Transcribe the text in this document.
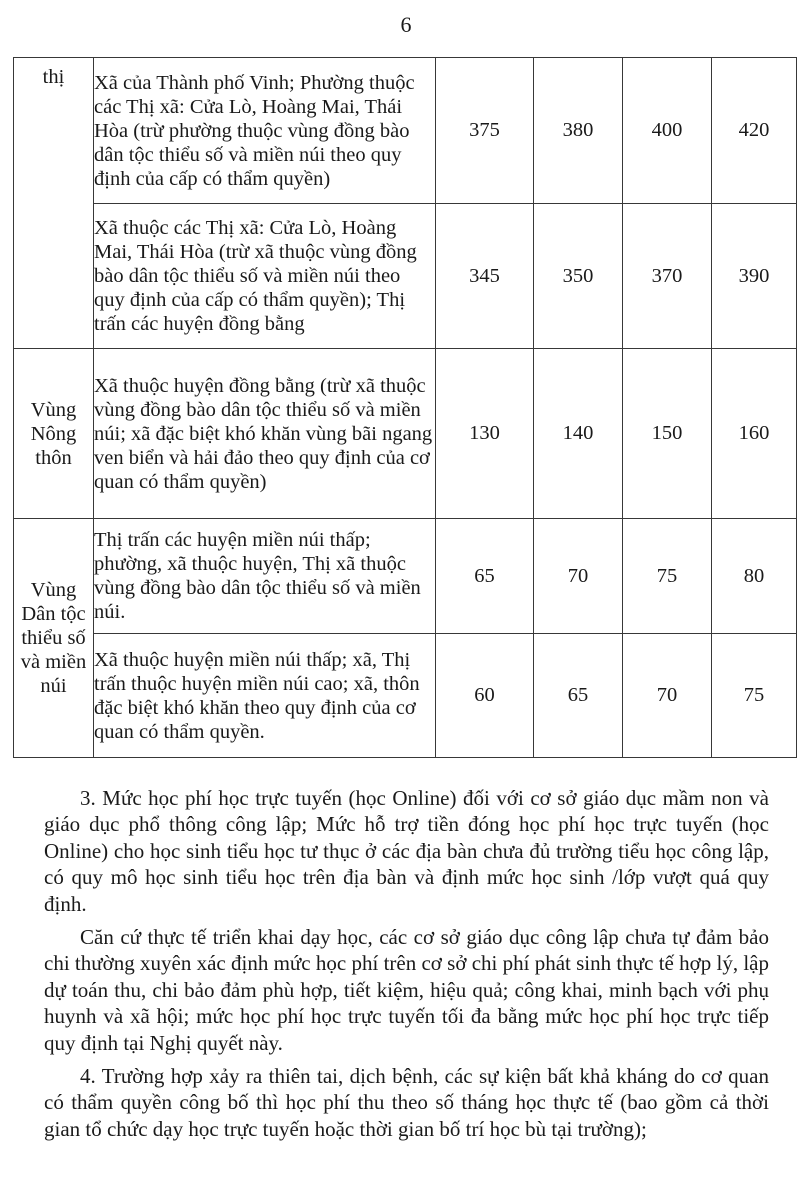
6
thị	Xã của Thành phố Vinh; Phường thuộc các Thị xã: Cửa Lò, Hoàng Mai, Thái Hòa (trừ phường thuộc vùng đồng bào dân tộc thiểu số và miền núi theo quy định của cấp có thẩm quyền)	375	380	400	420
	Xã thuộc các Thị xã: Cửa Lò, Hoàng Mai, Thái Hòa (trừ xã thuộc vùng đồng bào dân tộc thiểu số và miền núi theo quy định của cấp có thẩm quyền); Thị trấn các huyện đồng bằng	345	350	370	390
Vùng Nông thôn	Xã thuộc huyện đồng bằng (trừ xã thuộc vùng đồng bào dân tộc thiểu số và miền núi; xã đặc biệt khó khăn vùng bãi ngang ven biển và hải đảo theo quy định của cơ quan có thẩm quyền)	130	140	150	160
Vùng Dân tộc thiểu số và miền núi	Thị trấn các huyện miền núi thấp; phường, xã thuộc huyện, Thị xã thuộc vùng đồng bào dân tộc thiểu số và miền núi.	65	70	75	80
	Xã thuộc huyện miền núi thấp; xã, Thị trấn thuộc huyện miền núi cao; xã, thôn đặc biệt khó khăn theo quy định của cơ quan có thẩm quyền.	60	65	70	75

3. Mức học phí học trực tuyến (học Online) đối với cơ sở giáo dục mầm non và giáo dục phổ thông công lập; Mức hỗ trợ tiền đóng học phí học trực tuyến (học Online) cho học sinh tiểu học tư thục ở các địa bàn chưa đủ trường tiểu học công lập, có quy mô học sinh tiểu học trên địa bàn và định mức học sinh /lớp vượt quá quy định.

Căn cứ thực tế triển khai dạy học, các cơ sở giáo dục công lập chưa tự đảm bảo chi thường xuyên xác định mức học phí trên cơ sở chi phí phát sinh thực tế hợp lý, lập dự toán thu, chi bảo đảm phù hợp, tiết kiệm, hiệu quả; công khai, minh bạch với phụ huynh và xã hội; mức học phí học trực tuyến tối đa bằng mức học phí học trực tiếp quy định tại Nghị quyết này.

4. Trường hợp xảy ra thiên tai, dịch bệnh, các sự kiện bất khả kháng do cơ quan có thẩm quyền công bố thì học phí thu theo số tháng học thực tế (bao gồm cả thời gian tổ chức dạy học trực tuyến hoặc thời gian bố trí học bù tại trường);
